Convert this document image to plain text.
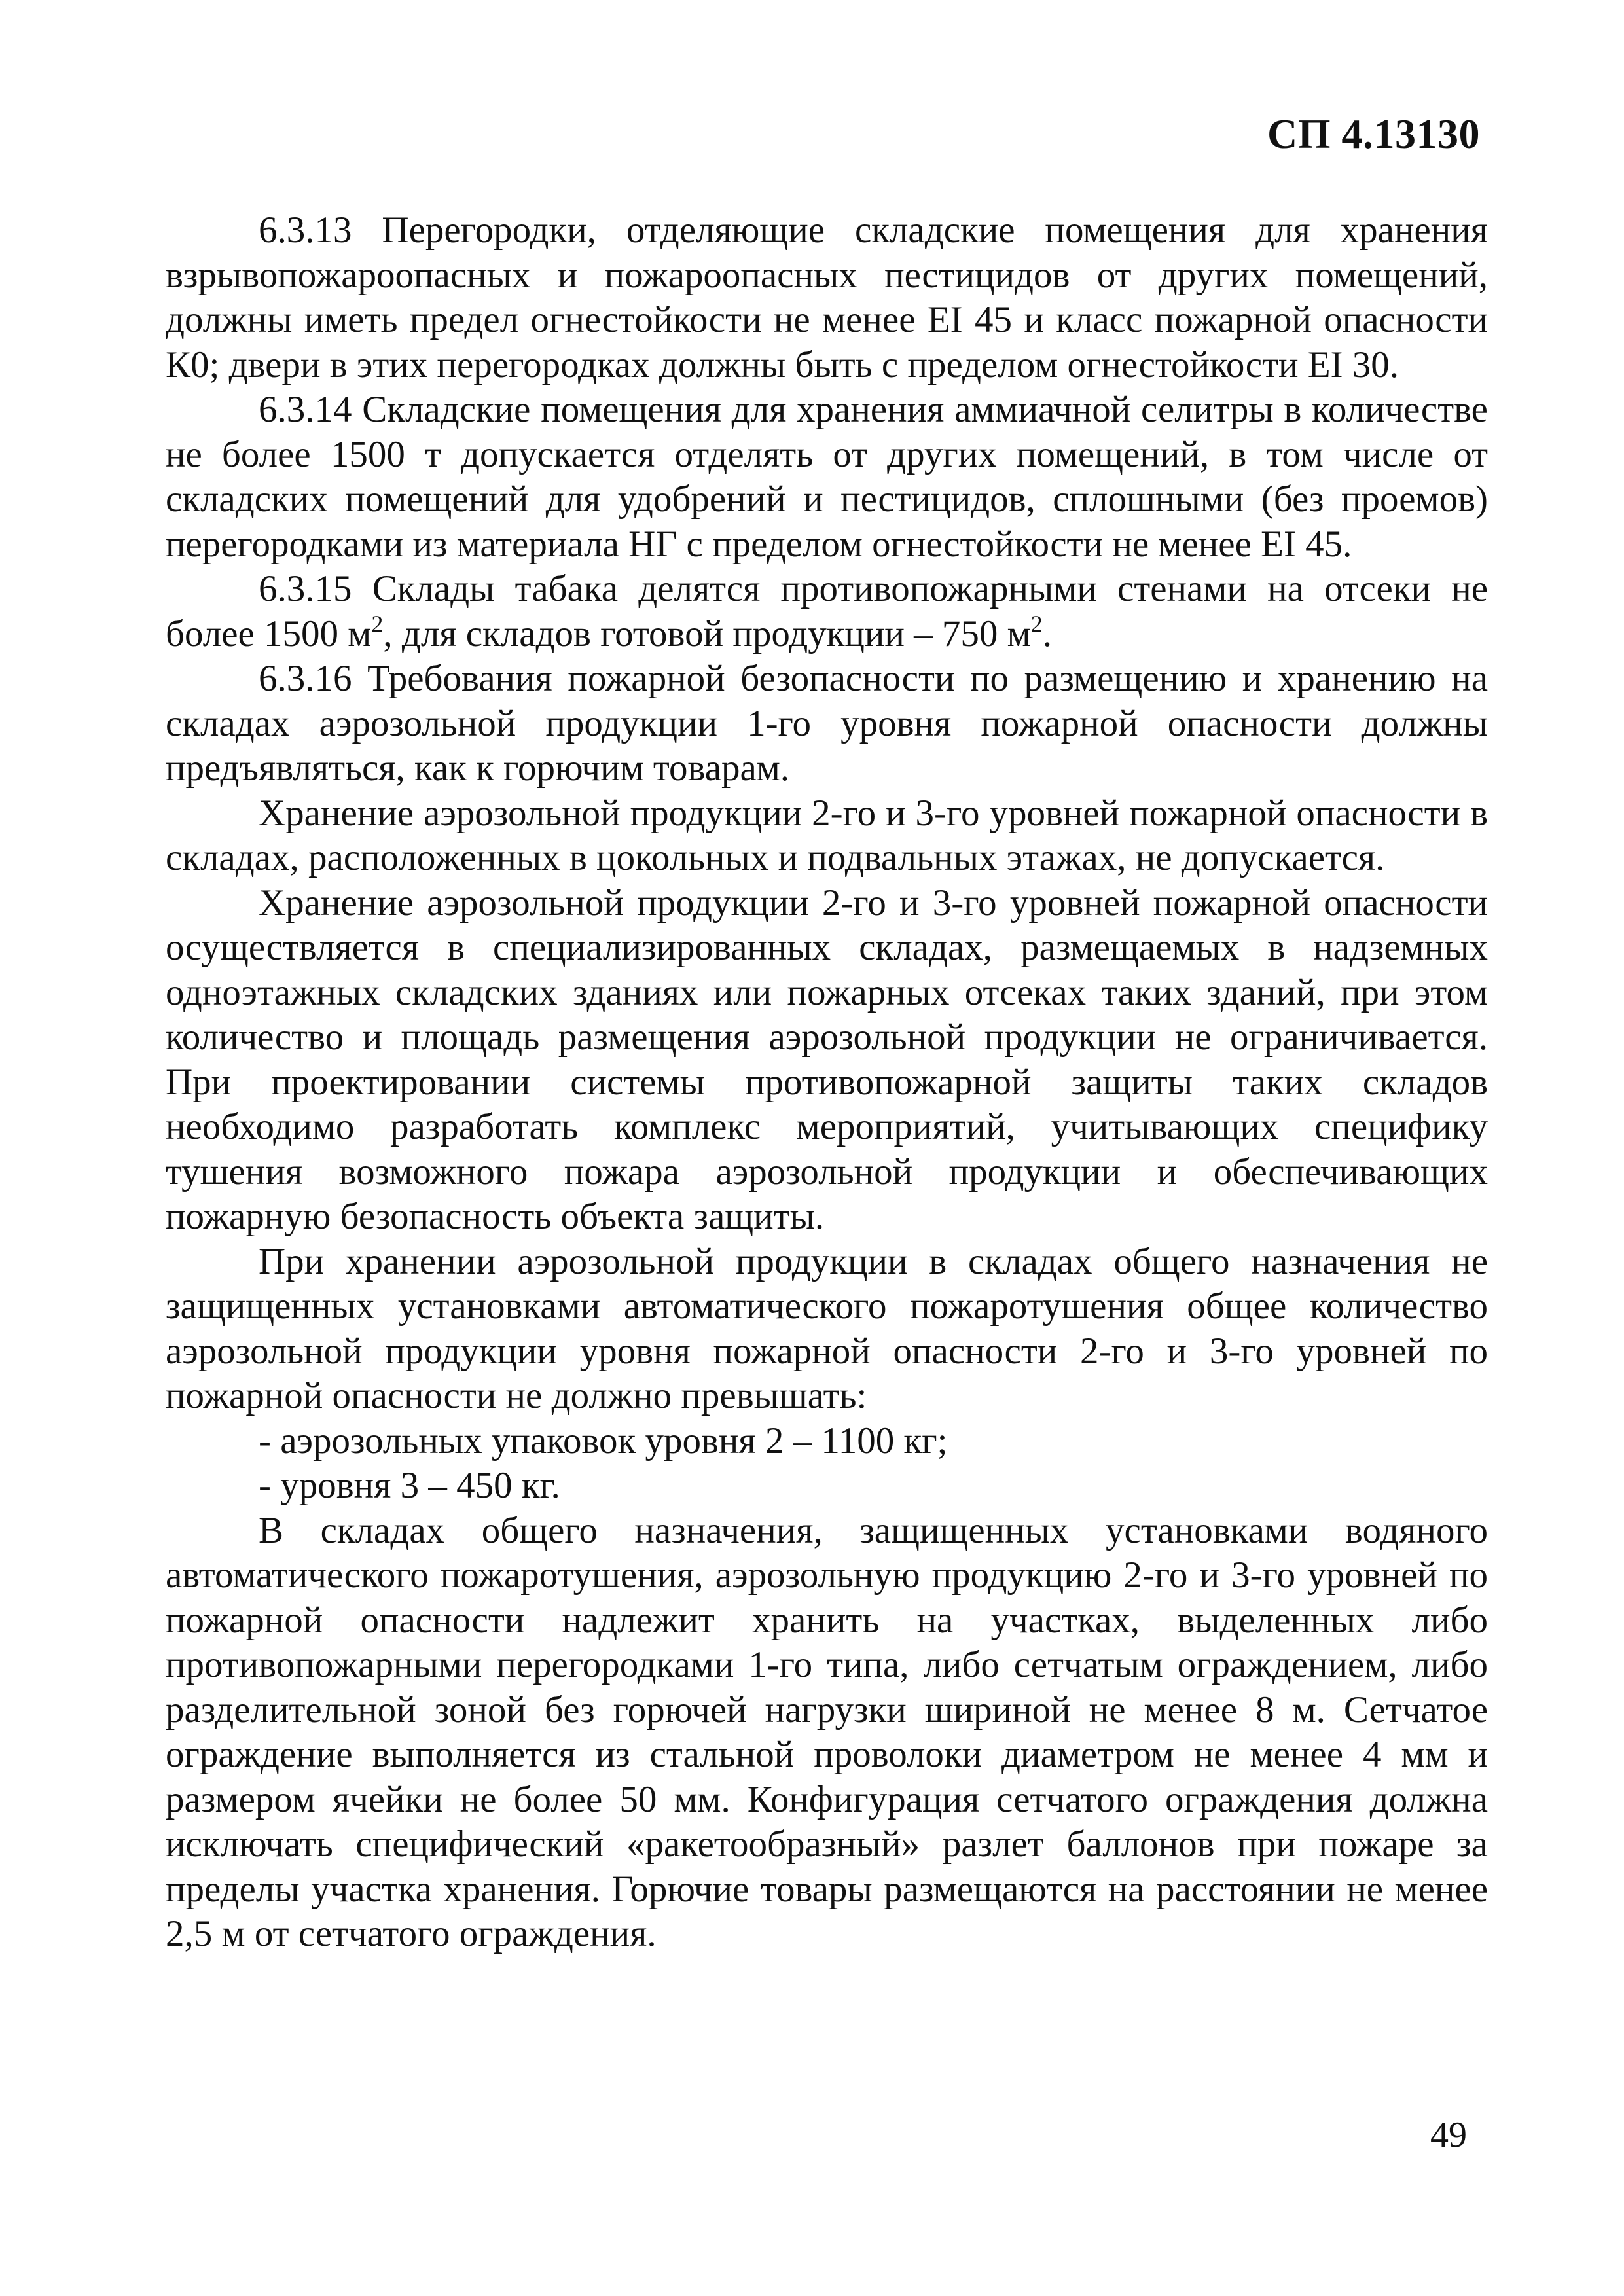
СП 4.13130

6.3.13 Перегородки, отделяющие складские помещения для хранения взрывопожароопасных и пожароопасных пестицидов от других помещений, должны иметь предел огнестойкости не менее EI 45 и класс пожарной опасности К0; двери в этих перегородках должны быть с пределом огнестойкости EI 30.

6.3.14 Складские помещения для хранения аммиачной селитры в количестве не более 1500 т допускается отделять от других помещений, в том числе от складских помещений для удобрений и пестицидов, сплошными (без проемов) перегородками из материала НГ с пределом огнестойкости не менее EI 45.

6.3.15 Склады табака делятся противопожарными стенами на отсеки не более 1500 $м^2$, для складов готовой продукции – 750 $м^2$.

6.3.16 Требования пожарной безопасности по размещению и хранению на складах аэрозольной продукции 1-го уровня пожарной опасности должны предъявляться, как к горючим товарам.

Хранение аэрозольной продукции 2-го и 3-го уровней пожарной опасности в складах, расположенных в цокольных и подвальных этажах, не допускается.

Хранение аэрозольной продукции 2-го и 3-го уровней пожарной опасности осуществляется в специализированных складах, размещаемых в надземных одноэтажных складских зданиях или пожарных отсеках таких зданий, при этом количество и площадь размещения аэрозольной продукции не ограничивается. При проектировании системы противопожарной защиты таких складов необходимо разработать комплекс мероприятий, учитывающих специфику тушения возможного пожара аэрозольной продукции и обеспечивающих пожарную безопасность объекта защиты.

При хранении аэрозольной продукции в складах общего назначения не защищенных установками автоматического пожаротушения общее количество аэрозольной продукции уровня пожарной опасности 2-го и 3-го уровней по пожарной опасности не должно превышать:

- аэрозольных упаковок уровня 2 – 1100 кг;

- уровня 3 – 450 кг.

В складах общего назначения, защищенных установками водяного автоматического пожаротушения, аэрозольную продукцию 2-го и 3-го уровней по пожарной опасности надлежит хранить на участках, выделенных либо противопожарными перегородками 1-го типа, либо сетчатым ограждением, либо разделительной зоной без горючей нагрузки шириной не менее 8 м. Сетчатое ограждение выполняется из стальной проволоки диаметром не менее 4 мм и размером ячейки не более 50 мм. Конфигурация сетчатого ограждения должна исключать специфический «ракетообразный» разлет баллонов при пожаре за пределы участка хранения. Горючие товары размещаются на расстоянии не менее 2,5 м от сетчатого ограждения.

49
